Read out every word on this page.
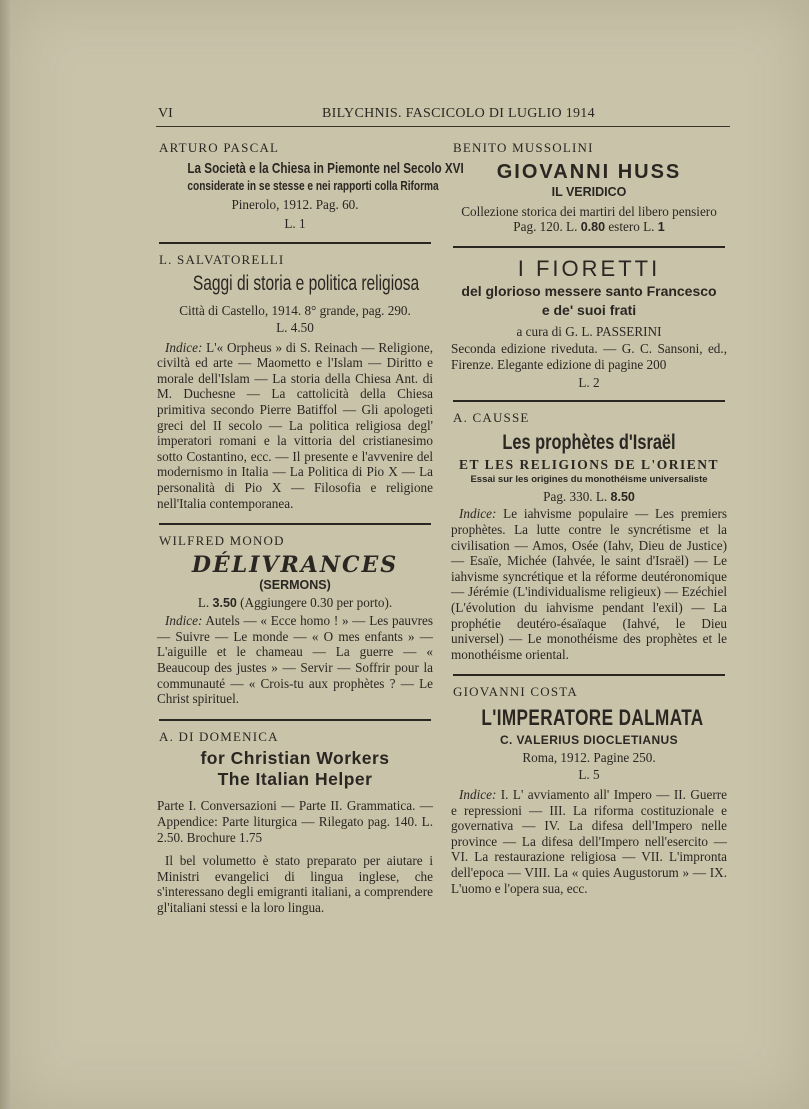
VI	BILYCHNIS. FASCICOLO DI LUGLIO 1914
ARTURO PASCAL
La Società e la Chiesa in Piemonte nel Secolo XVI
considerate in se stesse e nei rapporti colla Riforma
Pinerolo, 1912. Pag. 60.
L. 1
L. SALVATORELLI
Saggi di storia e politica religiosa
Città di Castello, 1914. 8° grande, pag. 290.
L. 4.50
Indice: L'« Orpheus » di S. Reinach — Religione, civiltà ed arte — Maometto e l'Islam — Diritto e morale dell'Islam — La storia della Chiesa Ant. di M. Duchesne — La cattolicità della Chiesa primitiva secondo Pierre Batiffol — Gli apologeti greci del II secolo — La politica religiosa degl' imperatori romani e la vittoria del cristianesimo sotto Costantino, ecc. — Il presente e l'avvenire del modernismo in Italia — La Politica di Pio X — La personalità di Pio X — Filosofia e religione nell'Italia contemporanea.
WILFRED MONOD
DÉLIVRANCES
(SERMONS)
L. 3.50 (Aggiungere 0.30 per porto).
Indice: Autels — « Ecce homo ! » — Les pauvres — Suivre — Le monde — « O mes enfants » — L'aiguille et le chameau — La guerre — « Beaucoup des justes » — Servir — Soffrir pour la communauté — « Crois-tu aux prophètes ? — Le Christ spirituel.
A. DI DOMENICA
for Christian Workers
The Italian Helper
Parte I. Conversazioni — Parte II. Grammatica. — Appendice: Parte liturgica — Rilegato pag. 140. L. 2.50. Brochure 1.75
Il bel volumetto è stato preparato per aiutare i Ministri evangelici di lingua inglese, che s'interessano degli emigranti italiani, a comprendere gl'italiani stessi e la loro lingua.
BENITO MUSSOLINI
GIOVANNI HUSS
IL VERIDICO
Collezione storica dei martiri del libero pensiero
Pag. 120. L. 0.80 estero L. 1
I FIORETTI
del glorioso messere santo Francesco
e de' suoi frati
a cura di G. L. PASSERINI
Seconda edizione riveduta. — G. C. Sansoni, ed., Firenze. Elegante edizione di pagine 200
L. 2
A. CAUSSE
Les prophètes d'Israël
ET LES RELIGIONS DE L'ORIENT
Essai sur les origines du monothéisme universaliste
Pag. 330. L. 8.50
Indice: Le iahvisme populaire — Les premiers prophètes. La lutte contre le syncrétisme et la civilisation — Amos, Osée (Iahv, Dieu de Justice) — Esaïe, Michée (Iahvée, le saint d'Israël) — Le iahvisme syncrétique et la réforme deutéronomique — Jérémie (L'individualisme religieux) — Ezéchiel (L'évolution du iahvisme pendant l'exil) — La prophétie deutéro-ésaïaque (Iahvé, le Dieu universel) — Le monothéisme des prophètes et le monothéisme oriental.
GIOVANNI COSTA
L'IMPERATORE DALMATA
C. VALERIUS DIOCLETIANUS
Roma, 1912. Pagine 250.
L. 5
Indice: I. L' avviamento all' Impero — II. Guerre e repressioni — III. La riforma costituzionale e governativa — IV. La difesa dell'Impero nelle province — La difesa dell'Impero nell'esercito — VI. La restaurazione religiosa — VII. L'impronta dell'epoca — VIII. La « quies Augustorum » — IX. L'uomo e l'opera sua, ecc.
